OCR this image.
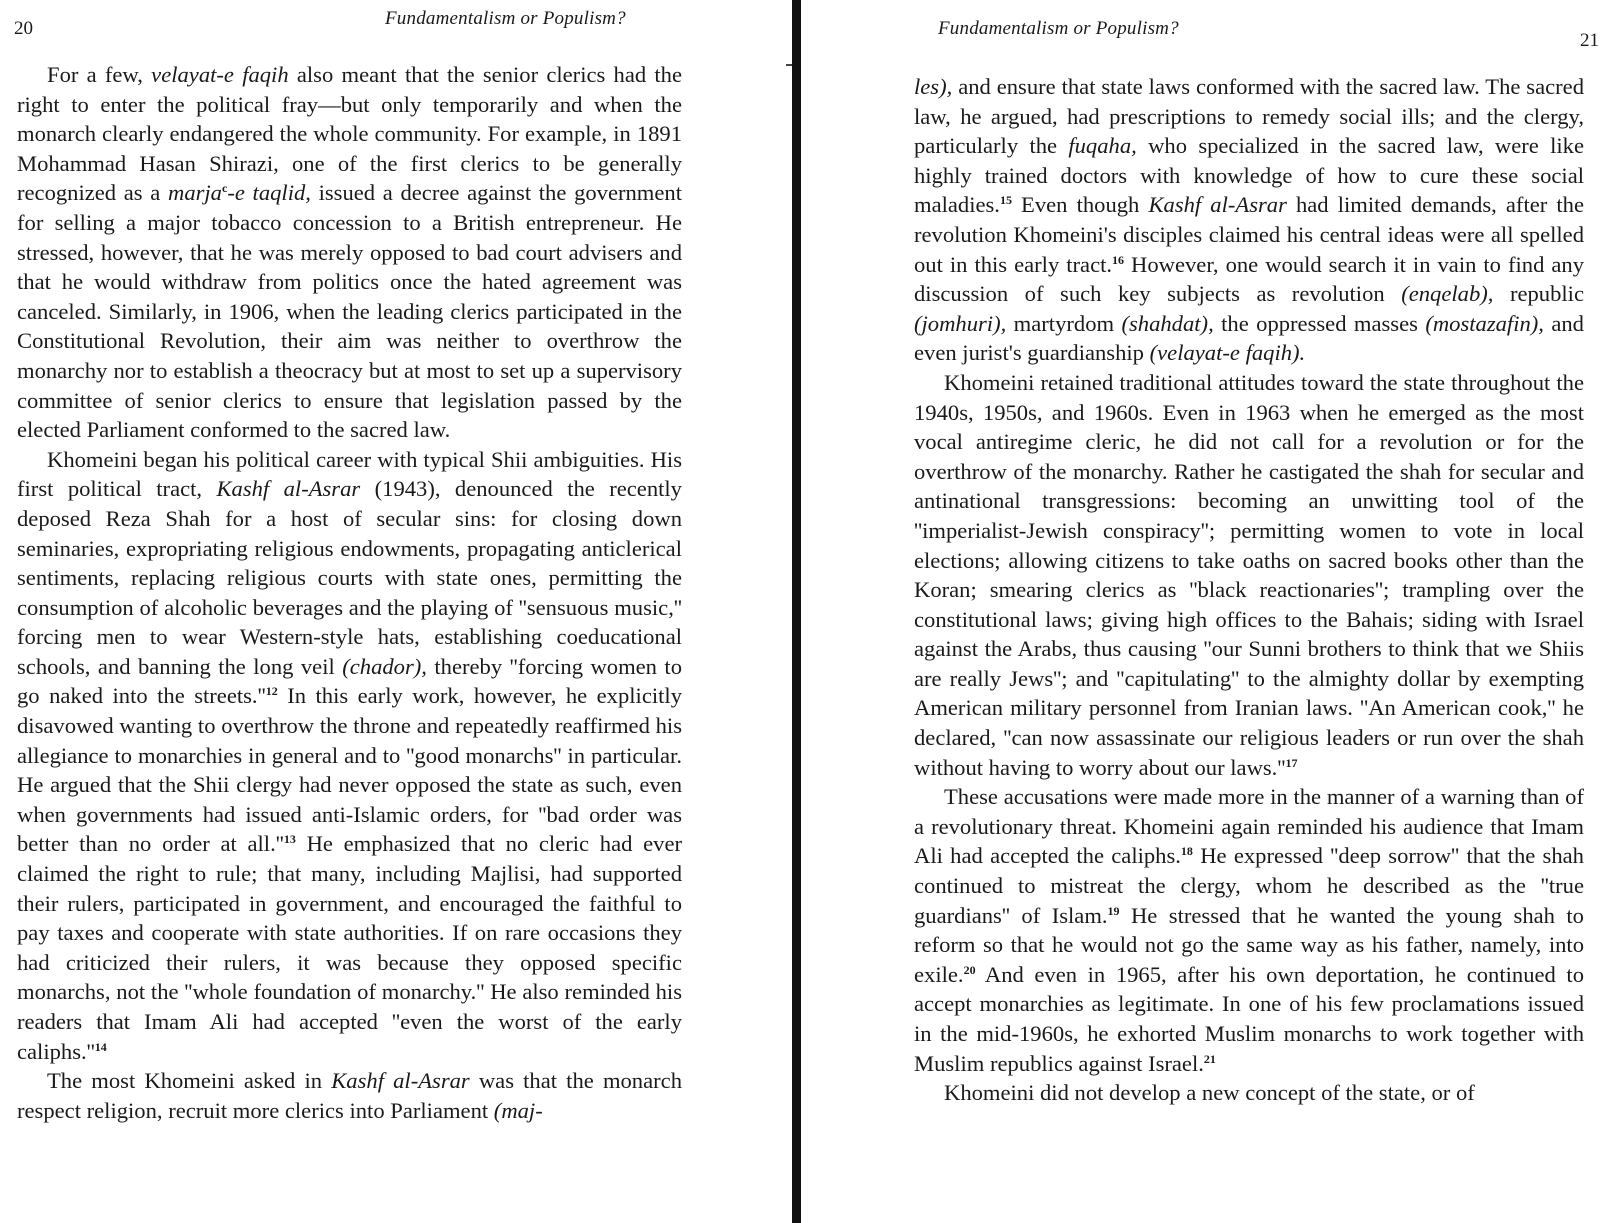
20	Fundamentalism or Populism?

For a few, velayat-e faqih also meant that the senior clerics had the right to enter the political fray—but only temporarily and when the monarch clearly endangered the whole community. For example, in 1891 Mohammad Hasan Shirazi, one of the first clerics to be generally recognized as a marja$^c$-e taqlid, issued a decree against the government for selling a major tobacco concession to a British entrepreneur. He stressed, however, that he was merely opposed to bad court advisers and that he would withdraw from politics once the hated agreement was canceled. Similarly, in 1906, when the leading clerics participated in the Constitutional Revolution, their aim was neither to overthrow the monarchy nor to establish a theocracy but at most to set up a supervisory committee of senior clerics to ensure that legislation passed by the elected Parliament conformed to the sacred law.

Khomeini began his political career with typical Shii ambiguities. His first political tract, Kashf al-Asrar (1943), denounced the recently deposed Reza Shah for a host of secular sins: for closing down seminaries, expropriating religious endowments, propagating anticlerical sentiments, replacing religious courts with state ones, permitting the consumption of alcoholic beverages and the playing of ''sensuous music,'' forcing men to wear Western-style hats, establishing coeducational schools, and banning the long veil (chador), thereby ''forcing women to go naked into the $streets.''^{12}$ In this early work, however, he explicitly disavowed wanting to overthrow the throne and repeatedly reaffirmed his allegiance to monarchies in general and to ''good monarchs'' in particular. He argued that the Shii clergy had never opposed the state as such, even when governments had issued anti-Islamic orders, for ''bad order was better than no order at $all.''^{13}$ He emphasized that no cleric had ever claimed the right to rule; that many, including Majlisi, had supported their rulers, participated in government, and encouraged the faithful to pay taxes and cooperate with state authorities. If on rare occasions they had criticized their rulers, it was because they opposed specific monarchs, not the ''whole foundation of monarchy.'' He also reminded his readers that Imam Ali had accepted ''even the worst of the early $caliphs.''^{14}$

The most Khomeini asked in Kashf al-Asrar was that the monarch respect religion, recruit more clerics into Parliament (maj-

Fundamentalism or Populism?
21

les), and ensure that state laws conformed with the sacred law. The sacred law, he argued, had prescriptions to remedy social ills; and the clergy, particularly the fuqaha, who specialized in the sacred law, were like highly trained doctors with knowledge of how to cure these social maladies.$^{15}$ Even though Kashf al-Asrar had limited demands, after the revolution Khomeini's disciples claimed his central ideas were all spelled out in this early tract.$^{16}$ However, one would search it in vain to find any discussion of such key subjects as revolution (enqelab), republic (jomhuri), martyrdom (shahdat), the oppressed masses (mostazafin), and even jurist's guardianship (velayat-e faqih).

Khomeini retained traditional attitudes toward the state throughout the 1940s, 1950s, and 1960s. Even in 1963 when he emerged as the most vocal antiregime cleric, he did not call for a revolution or for the overthrow of the monarchy. Rather he castigated the shah for secular and antinational transgressions: becoming an unwitting tool of the ''imperialist-Jewish conspiracy''; permitting women to vote in local elections; allowing citizens to take oaths on sacred books other than the Koran; smearing clerics as ''black reactionaries''; trampling over the constitutional laws; giving high offices to the Bahais; siding with Israel against the Arabs, thus causing ''our Sunni brothers to think that we Shiis are really Jews''; and ''capitulating'' to the almighty dollar by exempting American military personnel from Iranian laws. ''An American cook,'' he declared, ''can now assassinate our religious leaders or run over the shah without having to worry about our $laws.''^{17}$

These accusations were made more in the manner of a warning than of a revolutionary threat. Khomeini again reminded his audience that Imam Ali had accepted the caliphs.$^{18}$ He expressed ''deep sorrow'' that the shah continued to mistreat the clergy, whom he described as the ''true guardians'' of Islam.$^{19}$ He stressed that he wanted the young shah to reform so that he would not go the same way as his father, namely, into exile.$^{20}$ And even in 1965, after his own deportation, he continued to accept monarchies as legitimate. In one of his few proclamations issued in the mid-1960s, he exhorted Muslim monarchs to work together with Muslim republics against Israel.$^{21}$

Khomeini did not develop a new concept of the state, or of
